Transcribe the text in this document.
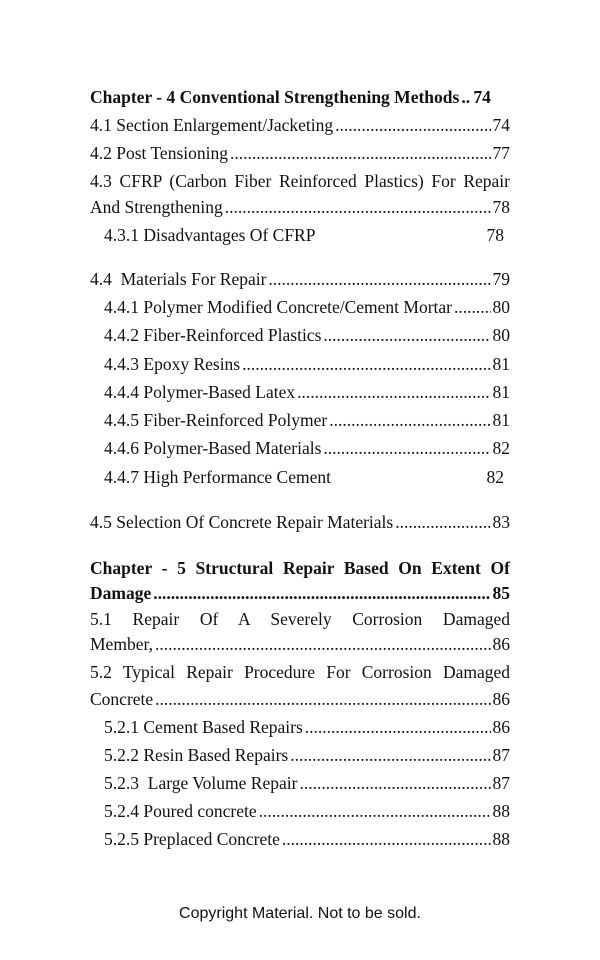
Chapter - 4 Conventional Strengthening Methods ..... 74
4.1 Section Enlargement/Jacketing .....	74
4.2 Post Tensioning .....	77
4.3 CFRP (Carbon Fiber Reinforced Plastics) For Repair
And Strengthening .....	78
4.3.1 Disadvantages Of CFRP	78
4.4  Materials For Repair .....	79
4.4.1 Polymer Modified Concrete/Cement Mortar ..... 80
4.4.2 Fiber-Reinforced Plastics .....	80
4.4.3 Epoxy Resins .....	81
4.4.4 Polymer-Based Latex .....	81
4.4.5 Fiber-Reinforced Polymer .....	81
4.4.6 Polymer-Based Materials .....	82
4.4.7 High Performance Cement	82
4.5 Selection Of Concrete Repair Materials .....	83
Chapter - 5 Structural Repair Based On Extent Of
Damage .....	85
5.1 Repair Of A Severely Corrosion Damaged
Member, .....	86
5.2 Typical Repair Procedure For Corrosion Damaged
Concrete .....	86
5.2.1 Cement Based Repairs .....	86
5.2.2 Resin Based Repairs .....	87
5.2.3  Large Volume Repair .....	87
5.2.4 Poured concrete .....	88
5.2.5 Preplaced Concrete .....	88
Copyright Material. Not to be sold.
